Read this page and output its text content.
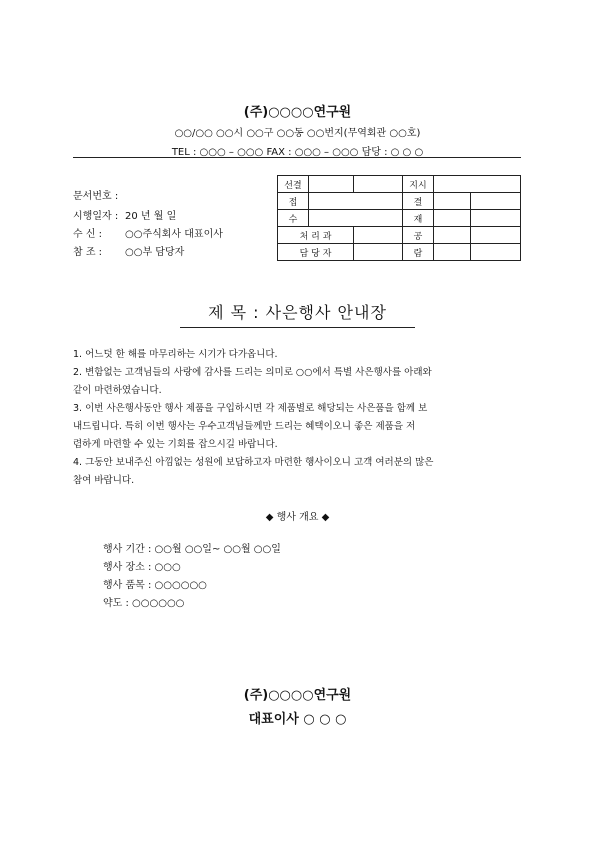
(주)○○○○연구원
○○/○○ ○○시 ○○구 ○○동 ○○번지(무역회관 ○○호)
TEL : ○○○ – ○○○ FAX : ○○○ – ○○○ 담당 : ○ ○ ○
문서번호 :
시행일자 : 20 년 월 일
수 신 : ○○주식회사 대표이사
참 조 : ○○부 담당자
선결			지시		
접			결		
수			재		
처 리 과			공		
담 당 자			람		
제 목 : 사은행사 안내장
1. 어느덧 한 해를 마무리하는 시기가 다가옵니다.
2. 변함없는 고객님들의 사랑에 감사를 드리는 의미로 ○○에서 특별 사은행사를 아래와
같이 마련하였습니다.
3. 이번 사은행사동안 행사 제품을 구입하시면 각 제품별로 해당되는 사은품을 함께 보
내드립니다. 특히 이번 행사는 우수고객님들께만 드리는 혜택이오니 좋은 제품을 저
렴하게 마련할 수 있는 기회를 잡으시길 바랍니다.
4. 그동안 보내주신 아낌없는 성원에 보답하고자 마련한 행사이오니 고객 여러분의 많은
참여 바랍니다.
◆ 행사 개요 ◆
행사 기간 : ○○월 ○○일~ ○○월 ○○일
행사 장소 : ○○○
행사 품목 : ○○○○○○
약도 : ○○○○○○
(주)○○○○연구원
대표이사 ○ ○ ○
